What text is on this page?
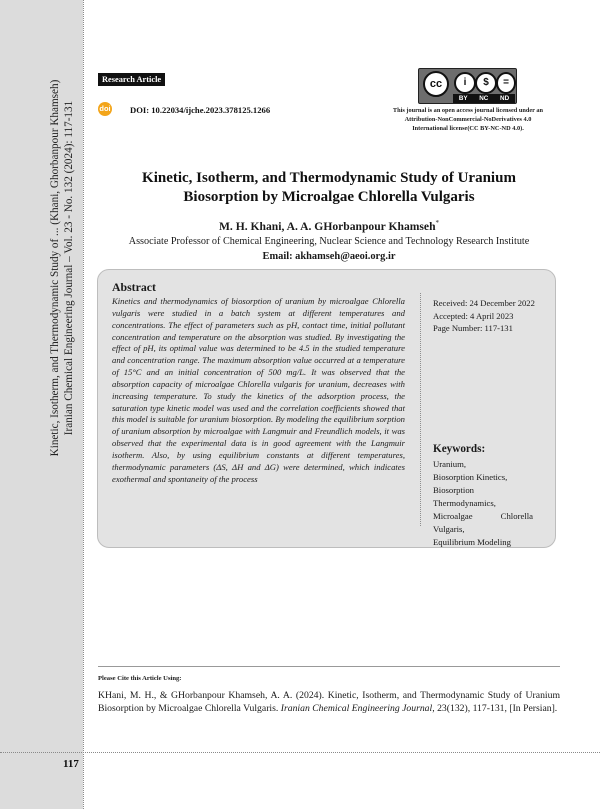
Kinetic, Isotherm, and Thermodynamic Study of ... (Khani, Ghorbanpour Khamseh) Iranian Chemical Engineering Journal – Vol. 23 - No. 132 (2024): 117-131
117
Research Article
doi DOI: 10.22034/ijche.2023.378125.1266
cc	i	$	=
BY NC ND
This journal is an open access journal licensed under an
Attribution-NonCommercial-NoDerivatives 4.0
International license(CC BY-NC-ND 4.0).
Kinetic, Isotherm, and Thermodynamic Study of Uranium
Biosorption by Microalgae Chlorella Vulgaris
M. H. Khani, A. A. GHorbanpour Khamseh*
Associate Professor of Chemical Engineering, Nuclear Science and Technology Research Institute
Email: akhamseh@aeoi.org.ir
Abstract
Kinetics and thermodynamics of biosorption of uranium by microalgae Chlorella vulgaris were studied in a batch system at different temperatures and concentrations. The effect of parameters such as pH, contact time, initial pollutant concentration and temperature on the absorption was studied. By investigating the effect of pH, its optimal value was determined to be 4.5 in the studied temperature and concentration range. The maximum absorption value occurred at a temperature of 15°C and an initial concentration of 500 mg/L. It was observed that the absorption capacity of microalgae Chlorella vulgaris for uranium, decreases with increasing temperature. To study the kinetics of the adsorption process, the saturation type kinetic model was used and the correlation coefficients showed that this model is suitable for uranium biosorption. By modeling the equilibrium sorption of uranium absorption by microalgae with Langmuir and Freundlich models, it was observed that the experimental data is in good agreement with the Langmuir isotherm. Also, by using equilibrium constants at different temperatures, thermodynamic parameters (ΔS, ΔH and ΔG) were determined, which indicates exothermal and spontaneity of the process
Received: 24 December 2022
Accepted: 4 April 2023
Page Number: 117-131
Keywords:
Uranium,
Biosorption Kinetics,
Biosorption
Thermodynamics,
Microalgae	Chlorella
Vulgaris,
Equilibrium Modeling
Please Cite this Article Using:
KHani, M. H., & GHorbanpour Khamseh, A. A. (2024). Kinetic, Isotherm, and Thermodynamic Study of Uranium Biosorption by Microalgae Chlorella Vulgaris. Iranian Chemical Engineering Journal, 23(132), 117-131, [In Persian].
